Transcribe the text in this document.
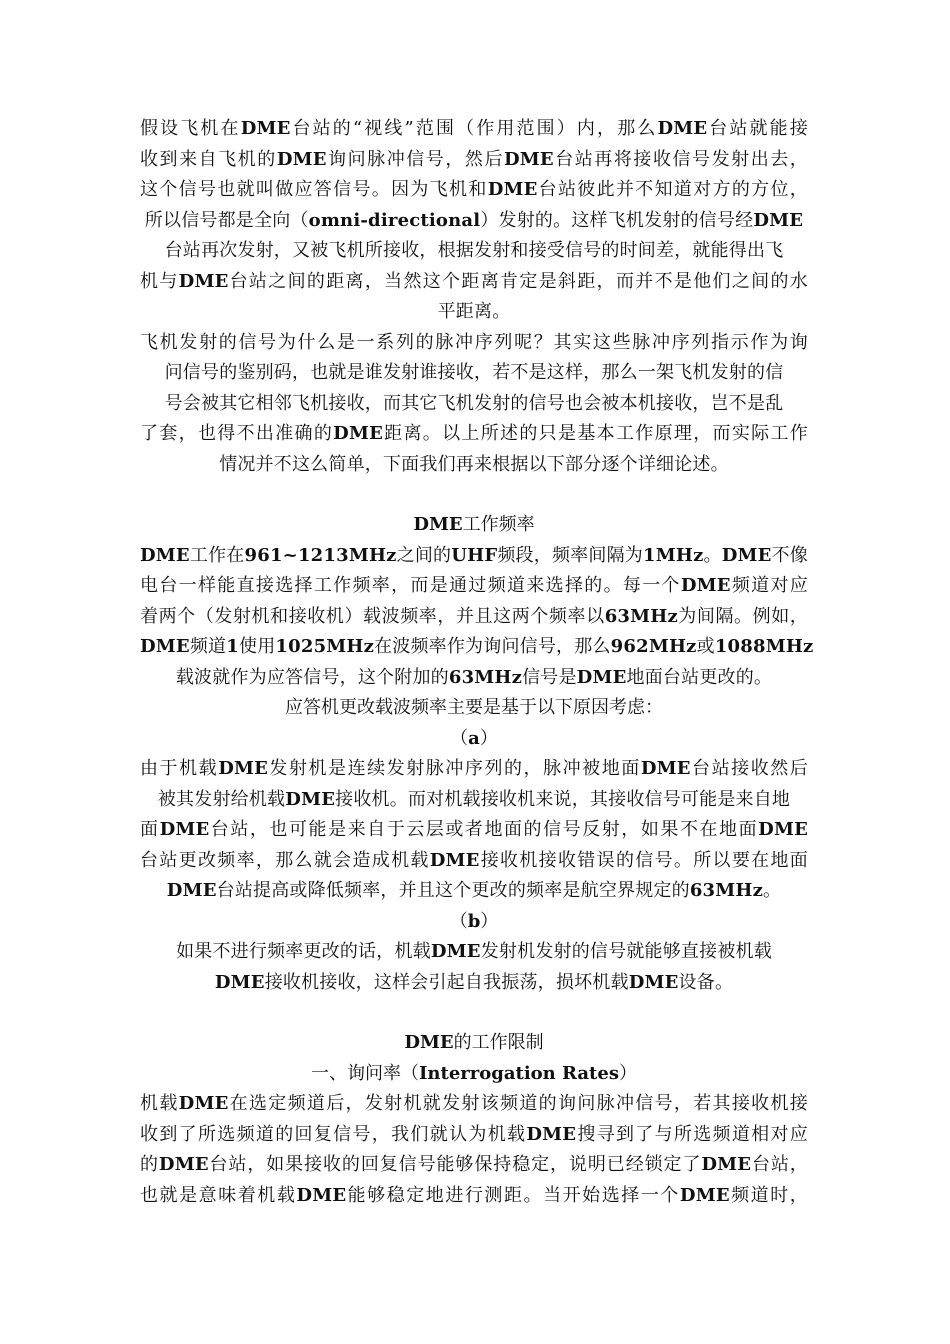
假设飞机在DME台站的“视线”范围（作用范围）内，那么DME台站就能接
收到来自飞机的DME询问脉冲信号，然后DME台站再将接收信号发射出去，
这个信号也就叫做应答信号。因为飞机和DME台站彼此并不知道对方的方位，
所以信号都是全向（omni-directional）发射的。这样飞机发射的信号经DME
台站再次发射，又被飞机所接收，根据发射和接受信号的时间差，就能得出飞
机与DME台站之间的距离，当然这个距离肯定是斜距，而并不是他们之间的水
平距离。
飞机发射的信号为什么是一系列的脉冲序列呢？其实这些脉冲序列指示作为询
问信号的鉴别码，也就是谁发射谁接收，若不是这样，那么一架飞机发射的信
号会被其它相邻飞机接收，而其它飞机发射的信号也会被本机接收，岂不是乱
了套，也得不出准确的DME距离。以上所述的只是基本工作原理，而实际工作
情况并不这么简单，下面我们再来根据以下部分逐个详细论述。

DME工作频率

DME工作在961~1213MHz之间的UHF频段，频率间隔为1MHz。DME不像
电台一样能直接选择工作频率，而是通过频道来选择的。每一个DME频道对应
着两个（发射机和接收机）载波频率，并且这两个频率以63MHz为间隔。例如，
DME频道1使用1025MHz在波频率作为询问信号，那么962MHz或1088MHz
载波就作为应答信号，这个附加的63MHz信号是DME地面台站更改的。

应答机更改载波频率主要是基于以下原因考虑：

（a）

由于机载DME发射机是连续发射脉冲序列的，脉冲被地面DME台站接收然后
被其发射给机载DME接收机。而对机载接收机来说，其接收信号可能是来自地
面DME台站，也可能是来自于云层或者地面的信号反射，如果不在地面DME
台站更改频率，那么就会造成机载DME接收机接收错误的信号。所以要在地面
DME台站提高或降低频率，并且这个更改的频率是航空界规定的63MHz。

（b）

如果不进行频率更改的话，机载DME发射机发射的信号就能够直接被机载
DME接收机接收，这样会引起自我振荡，损坏机载DME设备。

DME的工作限制

一、询问率（Interrogation Rates）

机载DME在选定频道后，发射机就发射该频道的询问脉冲信号，若其接收机接
收到了所选频道的回复信号，我们就认为机载DME搜寻到了与所选频道相对应
的DME台站，如果接收的回复信号能够保持稳定，说明已经锁定了DME台站，
也就是意味着机载DME能够稳定地进行测距。当开始选择一个DME频道时，
